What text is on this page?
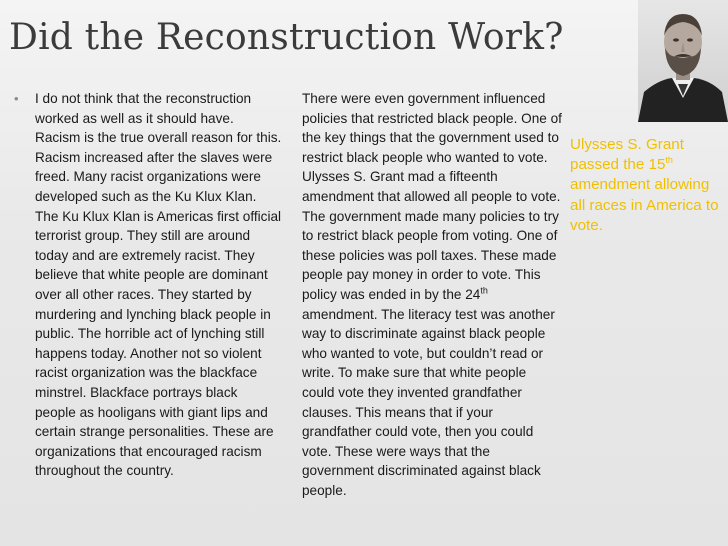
Did the Reconstruction Work?
• I do not think that the reconstruction worked as well as it should have. Racism is the true overall reason for this. Racism increased after the slaves were freed. Many racist organizations were developed such as the Ku Klux Klan. The Ku Klux Klan is Americas first official terrorist group. They still are around today and are extremely racist. They believe that white people are dominant over all other races. They started by murdering and lynching black people in public. The horrible act of lynching still happens today. Another not so violent racist organization was the blackface minstrel. Blackface portrays black people as hooligans with giant lips and certain strange personalities. These are organizations that encouraged racism throughout the country.
There were even government influenced policies that restricted black people. One of the key things that the government used to restrict black people who wanted to vote. Ulysses S. Grant mad a fifteenth amendment that allowed all people to vote. The government made many policies to try to restrict black people from voting. One of these policies was poll taxes. These made people pay money in order to vote. This policy was ended in by the 24th amendment. The literacy test was another way to discriminate against black people who wanted to vote, but couldn’t read or write. To make sure that white people could vote they invented grandfather clauses. This means that if your grandfather could vote, then you could vote. These were ways that the government discriminated against black people.
Ulysses S. Grant passed the 15th amendment allowing all races in America to vote.
